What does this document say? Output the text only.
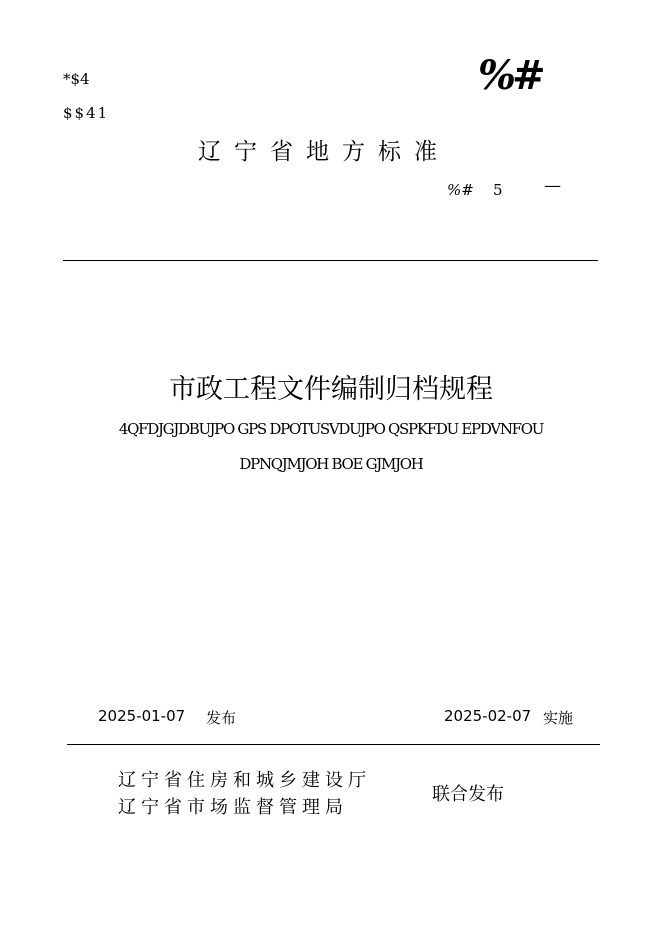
*$4
$$41
%#
辽宁省地方标准
%# 5 —
市政工程文件编制归档规程
4QFDJGJDBUJPO GPS DPOTUSVDUJPO QSPKFDU EPDVNFOU
DPNQJMJOH BOE GJMJOH
2025-01-07 发布	2025-02-07 实施
辽宁省住房和城乡建设厅
辽宁省市场监督管理局
联合发布
